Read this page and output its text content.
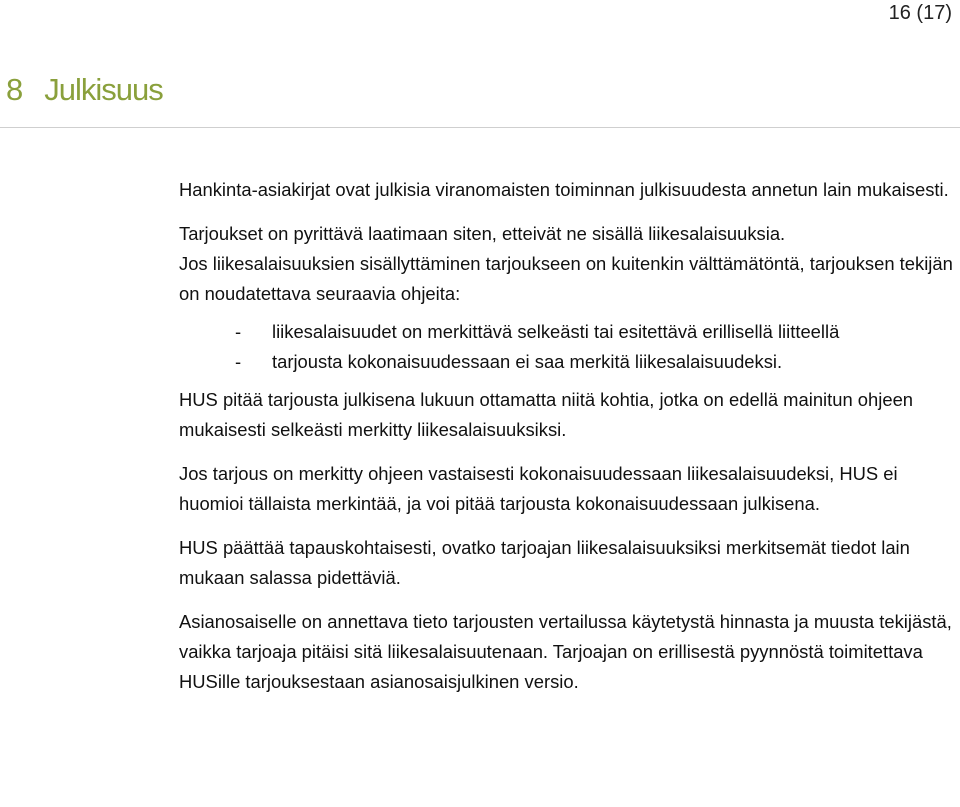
16 (17)
8 Julkisuus

Hankinta-asiakirjat ovat julkisia viranomaisten toiminnan julkisuudesta annetun lain mukaisesti.

Tarjoukset on pyrittävä laatimaan siten, etteivät ne sisällä liikesalaisuuksia.

Jos liikesalaisuuksien sisällyttäminen tarjoukseen on kuitenkin välttämätöntä, tarjouksen tekijän on noudatettava seuraavia ohjeita:

- liikesalaisuudet on merkittävä selkeästi tai esitettävä erillisellä liitteellä
- tarjousta kokonaisuudessaan ei saa merkitä liikesalaisuudeksi.

HUS pitää tarjousta julkisena lukuun ottamatta niitä kohtia, jotka on edellä mainitun ohjeen mukaisesti selkeästi merkitty liikesalaisuuksiksi.

Jos tarjous on merkitty ohjeen vastaisesti kokonaisuudessaan liikesalaisuudeksi, HUS ei huomioi tällaista merkintää, ja voi pitää tarjousta kokonaisuudessaan julkisena.

HUS päättää tapauskohtaisesti, ovatko tarjoajan liikesalaisuuksiksi merkitsemät tiedot lain mukaan salassa pidettäviä.

Asianosaiselle on annettava tieto tarjousten vertailussa käytetystä hinnasta ja muusta tekijästä, vaikka tarjoaja pitäisi sitä liikesalaisuutenaan. Tarjoajan on erillisestä pyynnöstä toimitettava HUSille tarjouksestaan asianosaisjulkinen versio.
